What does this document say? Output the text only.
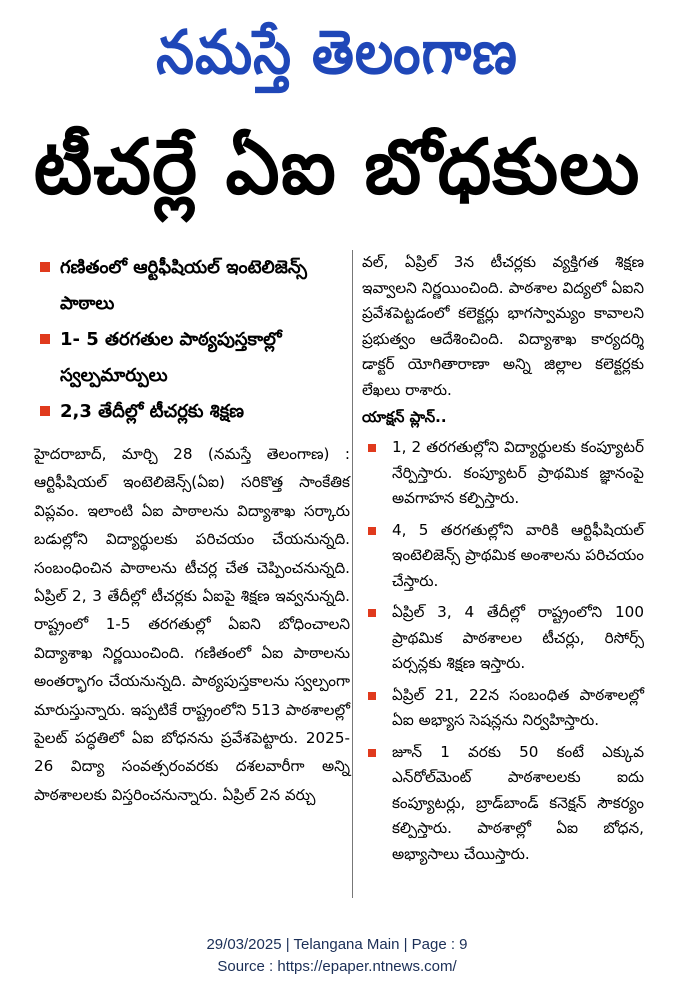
నమస్తే తెలంగాణ
టీచర్లే ఏఐ బోధకులు
గణితంలో ఆర్టిఫీషియల్ ఇంటెలిజెన్స్ పాఠాలు
1- 5 తరగతుల పాఠ్యపుస్తకాల్లో స్వల్పమార్పులు
2,3 తేదీల్లో టీచర్లకు శిక్షణ

హైదరాబాద్, మార్చి 28 (నమస్తే తెలంగాణ) : ఆర్టిఫీషియల్ ఇంటెలిజెన్స్(ఏఐ) సరికొత్త సాంకేతిక విప్లవం. ఇలాంటి ఏఐ పాఠాలను విద్యాశాఖ సర్కారు బడుల్లోని విద్యార్థులకు పరిచయం చేయనున్నది. సంబంధించిన పాఠాలను టీచర్ల చేత చెప్పించనున్నది. ఏప్రిల్ 2, 3 తేదీల్లో టీచర్లకు ఏఐపై శిక్షణ ఇవ్వనున్నది. రాష్ట్రంలో 1-5 తరగతుల్లో ఏఐని బోధించాలని విద్యాశాఖ నిర్ణయించింది. గణితంలో ఏఐ పాఠాలను అంతర్భాగం చేయనున్నది. పాఠ్యపుస్తకాలను స్వల్పంగా మారుస్తున్నారు. ఇప్పటికే రాష్ట్రంలోని 513 పాఠశాలల్లో పైలట్ పద్ధతిలో ఏఐ బోధనను ప్రవేశపెట్టారు. 2025-26 విద్యా సంవత్సరంవరకు దశలవారీగా అన్ని పాఠశాలలకు విస్తరించనున్నారు. ఏప్రిల్ 2న వర్చు

వల్, ఏప్రిల్ 3న టీచర్లకు వ్యక్తిగత శిక్షణ ఇవ్వాలని నిర్ణయించింది. పాఠశాల విద్యలో ఏఐని ప్రవేశపెట్టడంలో కలెక్టర్లు భాగస్వామ్యం కావాలని ప్రభుత్వం ఆదేశించింది. విద్యాశాఖ కార్యదర్శి డాక్టర్ యోగితారాణా అన్ని జిల్లాల కలెక్టర్లకు లేఖలు రాశారు.

యాక్షన్ ప్లాన్..
1, 2 తరగతుల్లోని విద్యార్థులకు కంప్యూటర్ నేర్పిస్తారు. కంప్యూటర్ ప్రాథమిక జ్ఞానంపై అవగాహన కల్పిస్తారు.
4, 5 తరగతుల్లోని వారికి ఆర్టిఫీషియల్ ఇంటెలిజెన్స్ ప్రాథమిక అంశాలను పరిచయం చేస్తారు.
ఏప్రిల్ 3, 4 తేదీల్లో రాష్ట్రంలోని 100 ప్రాథమిక పాఠశాలల టీచర్లు, రిసోర్స్ పర్సన్లకు శిక్షణ ఇస్తారు.
ఏప్రిల్ 21, 22న సంబంధిత పాఠశాలల్లో ఏఐ అభ్యాస సెషన్లను నిర్వహిస్తారు.
జూన్ 1 వరకు 50 కంటే ఎక్కువ ఎన్‌రోల్‌మెంట్ పాఠశాలలకు ఐదు కంప్యూటర్లు, బ్రాడ్‌బాండ్ కనెక్షన్ సౌకర్యం కల్పిస్తారు. పాఠశాల్లో ఏఐ బోధన, అభ్యాసాలు చేయిస్తారు.
29/03/2025 | Telangana Main | Page : 9
Source : https://epaper.ntnews.com/
